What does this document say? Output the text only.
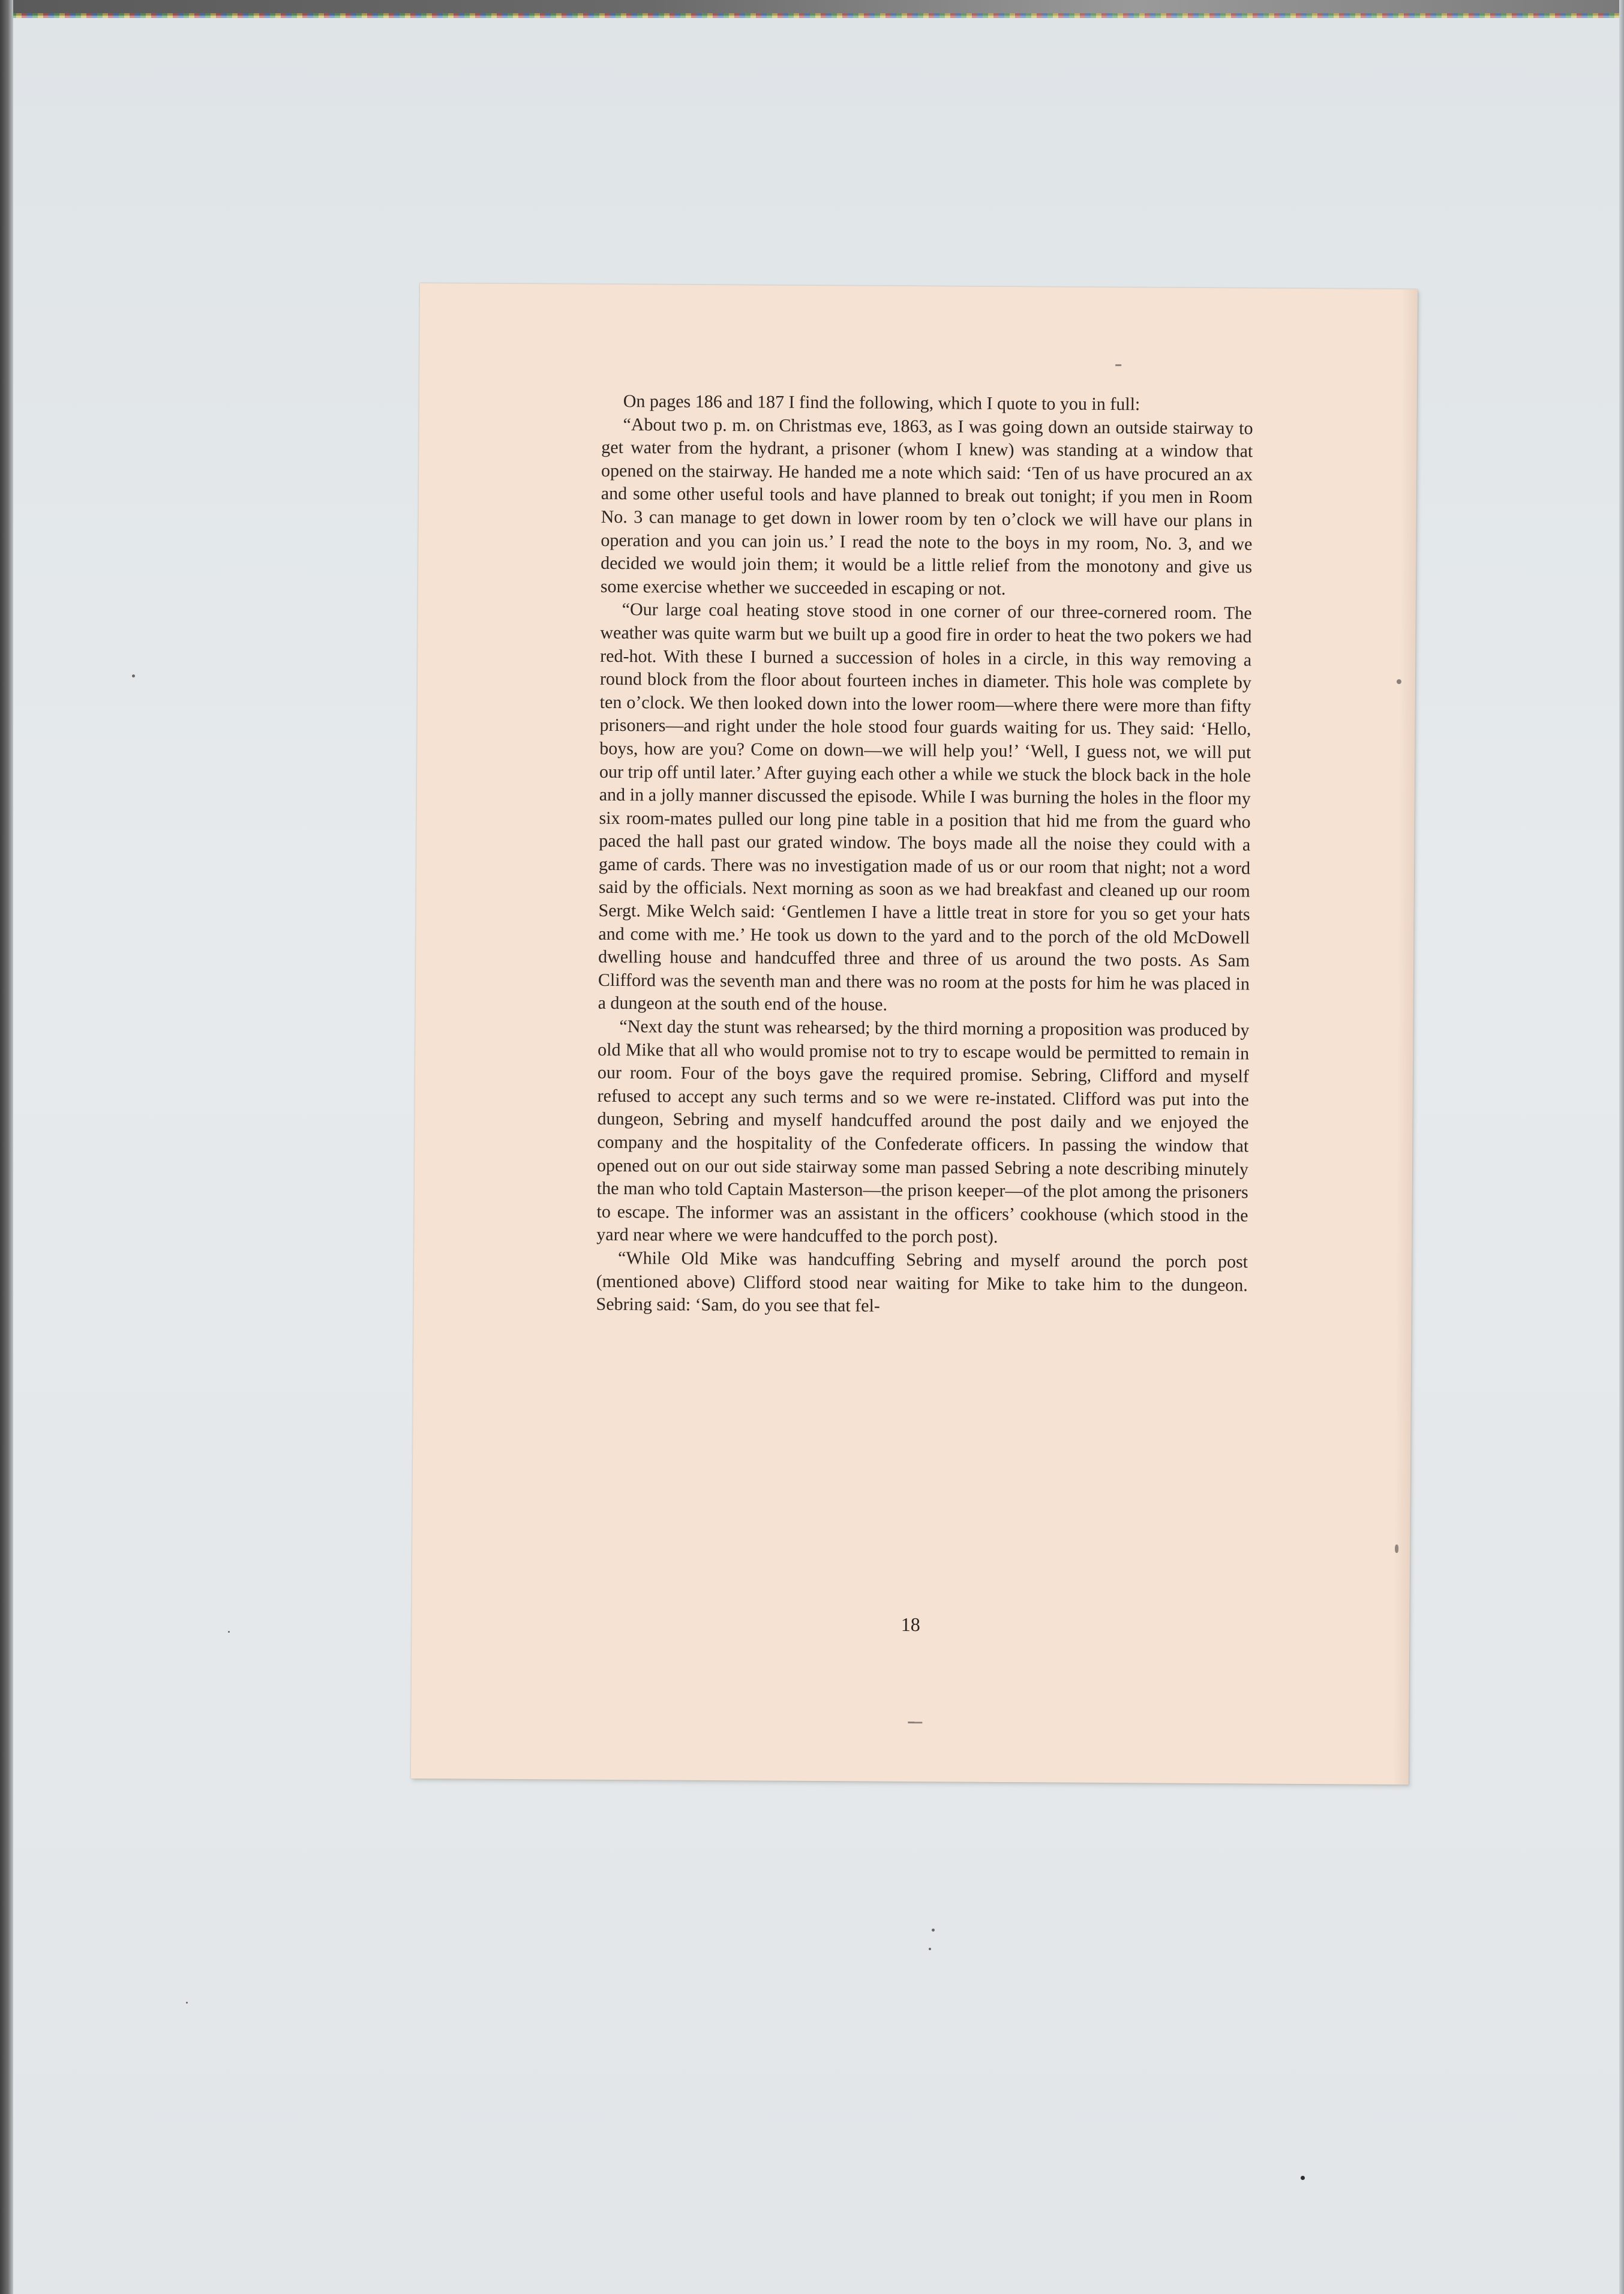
On pages 186 and 187 I find the following, which I quote to you in full:

“About two p. m. on Christmas eve, 1863, as I was going down an outside stairway to get water from the hydrant, a prisoner (whom I knew) was standing at a window that opened on the stairway. He handed me a note which said: ‘Ten of us have procured an ax and some other useful tools and have planned to break out tonight; if you men in Room No. 3 can manage to get down in lower room by ten o’clock we will have our plans in operation and you can join us.’ I read the note to the boys in my room, No. 3, and we decided we would join them; it would be a little relief from the monotony and give us some exercise whether we succeeded in escaping or not.

“Our large coal heating stove stood in one corner of our three-cornered room. The weather was quite warm but we built up a good fire in order to heat the two pokers we had red-hot. With these I burned a succession of holes in a circle, in this way removing a round block from the floor about fourteen inches in diameter. This hole was complete by ten o’clock. We then looked down into the lower room—where there were more than fifty prisoners—and right under the hole stood four guards waiting for us. They said: ‘Hello, boys, how are you? Come on down—we will help you!’ ‘Well, I guess not, we will put our trip off until later.’ After guying each other a while we stuck the block back in the hole and in a jolly manner discussed the episode. While I was burning the holes in the floor my six room-mates pulled our long pine table in a position that hid me from the guard who paced the hall past our grated window. The boys made all the noise they could with a game of cards. There was no investigation made of us or our room that night; not a word said by the officials. Next morning as soon as we had breakfast and cleaned up our room Sergt. Mike Welch said: ‘Gentlemen I have a little treat in store for you so get your hats and come with me.’ He took us down to the yard and to the porch of the old McDowell dwelling house and handcuffed three and three of us around the two posts. As Sam Clifford was the seventh man and there was no room at the posts for him he was placed in a dungeon at the south end of the house.

“Next day the stunt was rehearsed; by the third morning a proposition was produced by old Mike that all who would promise not to try to escape would be permitted to remain in our room. Four of the boys gave the required promise. Sebring, Clifford and myself refused to accept any such terms and so we were re-instated. Clifford was put into the dungeon, Sebring and myself handcuffed around the post daily and we enjoyed the company and the hospitality of the Confederate officers. In passing the window that opened out on our out side stairway some man passed Sebring a note describing minutely the man who told Captain Masterson—the prison keeper—of the plot among the prisoners to escape. The informer was an assistant in the officers’ cookhouse (which stood in the yard near where we were handcuffed to the porch post).

“While Old Mike was handcuffing Sebring and myself around the porch post (mentioned above) Clifford stood near waiting for Mike to take him to the dungeon. Sebring said: ‘Sam, do you see that fel-

18
